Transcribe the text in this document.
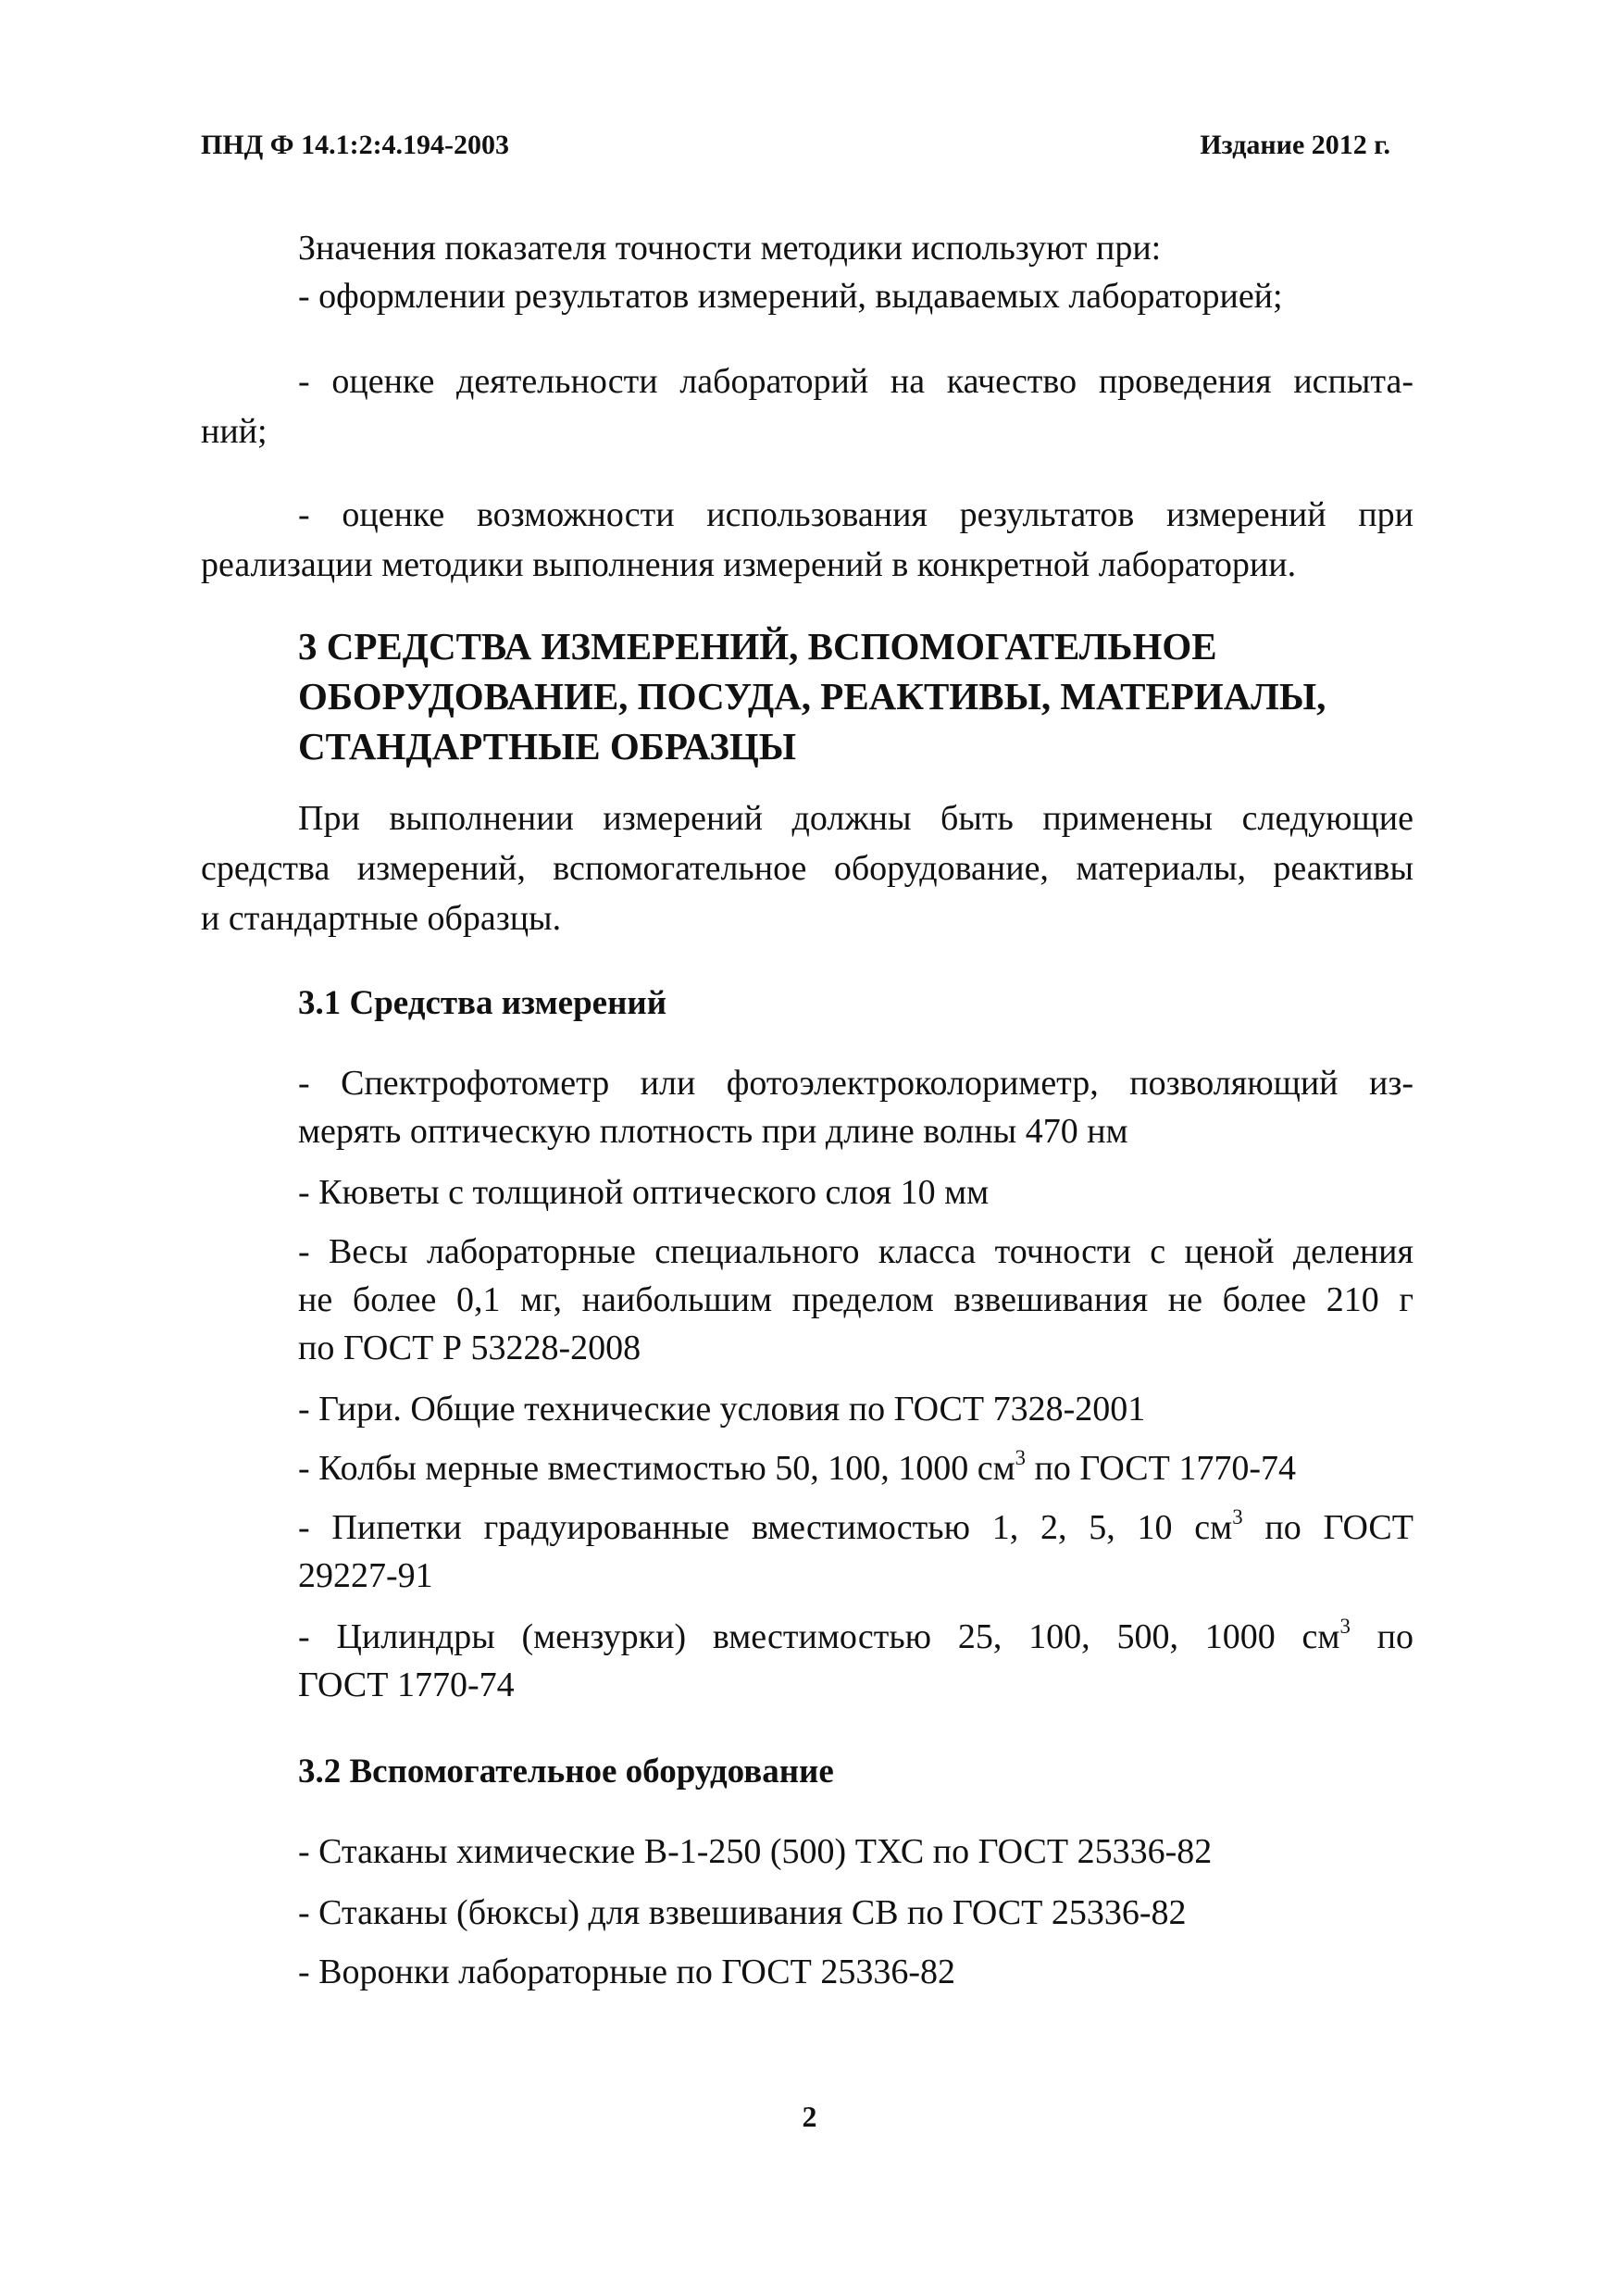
ПНД Ф 14.1:2:4.194-2003	Издание 2012 г.
Значения показателя точности методики используют при:
- оформлении результатов измерений, выдаваемых лабораторией;
- оценке деятельности лабораторий на качество проведения испыта-
ний;
- оценке возможности использования результатов измерений при
реализации методики выполнения измерений в конкретной лаборатории.
3 СРЕДСТВА ИЗМЕРЕНИЙ, ВСПОМОГАТЕЛЬНОЕ
ОБОРУДОВАНИЕ, ПОСУДА, РЕАКТИВЫ, МАТЕРИАЛЫ,
СТАНДАРТНЫЕ ОБРАЗЦЫ
При выполнении измерений должны быть применены следующие
средства измерений, вспомогательное оборудование, материалы, реактивы
и стандартные образцы.
3.1 Средства измерений
- Спектрофотометр или фотоэлектроколориметр, позволяющий из-
мерять оптическую плотность при длине волны 470 нм
- Кюветы с толщиной оптического слоя 10 мм
- Весы лабораторные специального класса точности с ценой деления
не более 0,1 мг, наибольшим пределом взвешивания не более 210 г
по ГОСТ Р 53228-2008
- Гири. Общие технические условия по ГОСТ 7328-2001
- Колбы мерные вместимостью 50, 100, 1000 $см^3$ по ГОСТ 1770-74
- Пипетки градуированные вместимостью 1, 2, 5, 10 $см^3$ по ГОСТ
29227-91
- Цилиндры (мензурки) вместимостью 25, 100, 500, 1000 $см^3$ по
ГОСТ 1770-74
3.2 Вспомогательное оборудование
- Стаканы химические В-1-250 (500) ТХС по ГОСТ 25336-82
- Стаканы (бюксы) для взвешивания СВ по ГОСТ 25336-82
- Воронки лабораторные по ГОСТ 25336-82
2
